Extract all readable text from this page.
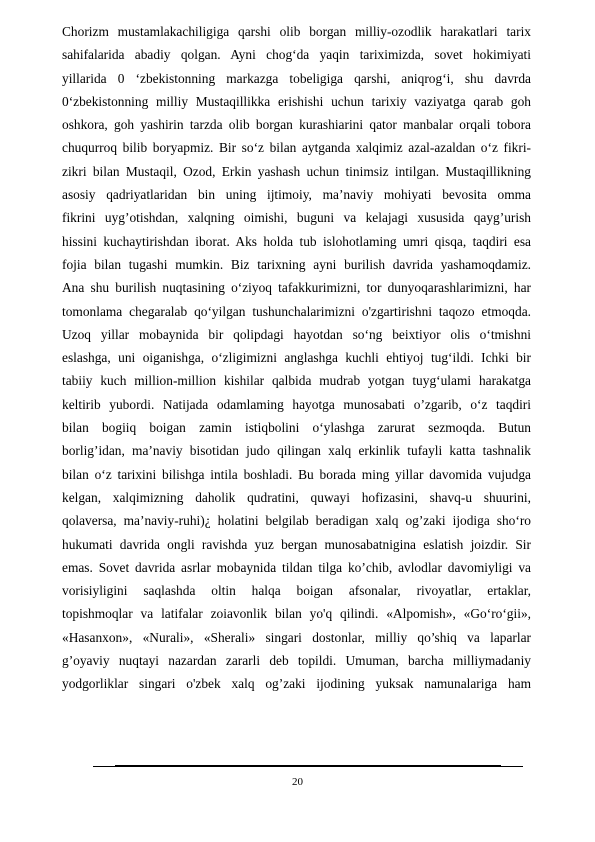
Chorizm mustamlakachiligiga qarshi olib borgan milliy-ozodlik harakatlari tarix
sahifalarida abadiy qolgan. Ayni chog‘da yaqin tariximizda, sovet hokimiyati
yillarida 0 ‘zbekistonning markazga tobeligiga qarshi, aniqrog‘i, shu davrda
0‘zbekistonning milliy Mustaqillikka erishishi uchun tarixiy vaziyatga qarab goh
oshkora, goh yashirin tarzda olib borgan kurashiarini qator manbalar orqali tobora
chuqurroq bilib boryapmiz. Bir so‘z bilan aytganda xalqimiz azal-azaldan o‘z fikri-
zikri bilan Mustaqil, Ozod, Erkin yashash uchun tinimsiz intilgan. Mustaqillikning
asosiy qadriyatlaridan bin uning ijtimoiy, ma’naviy mohiyati bevosita omma
fikrini uyg’otishdan, xalqning oimishi, buguni va kelajagi xususida qayg’urish
hissini kuchaytirishdan iborat. Aks holda tub islohotlaming umri qisqa, taqdiri esa
fojia bilan tugashi mumkin. Biz tarixning ayni burilish davrida yashamoqdamiz.
Ana shu burilish nuqtasining o‘ziyoq tafakkurimizni, tor dunyoqarashlarimizni, har
tomonlama chegaralab qo‘yilgan tushunchalarimizni o'zgartirishni taqozo etmoqda.
Uzoq yillar mobaynida bir qolipdagi hayotdan so‘ng beixtiyor olis o‘tmishni
eslashga, uni oiganishga, o‘zligimizni anglashga kuchli ehtiyoj tug‘ildi. Ichki bir
tabiiy kuch million-million kishilar qalbida mudrab yotgan tuyg‘ulami harakatga
keltirib yubordi. Natijada odamlaming hayotga munosabati o’zgarib, o‘z taqdiri
bilan bogiiq boigan zamin istiqbolini o‘ylashga zarurat sezmoqda. Butun
borlig’idan, ma’naviy bisotidan judo qilingan xalq erkinlik tufayli katta tashnalik
bilan o‘z tarixini bilishga intila boshladi. Bu borada ming yillar davomida vujudga
kelgan, xalqimizning daholik qudratini, quwayi hofizasini, shavq-u shuurini,
qolaversa, ma’naviy-ruhi)¿ holatini belgilab beradigan xalq og’zaki ijodiga sho‘ro
hukumati davrida ongli ravishda yuz bergan munosabatnigina eslatish joizdir. Sir
emas. Sovet davrida asrlar mobaynida tildan tilga ko’chib, avlodlar davomiyligi va
vorisiyligini saqlashda oltin halqa boigan afsonalar, rivoyatlar, ertaklar,
topishmoqlar va latifalar zoiavonlik bilan yo'q qilindi. «Alpomish», «Go‘ro‘gii»,
«Hasanxon», «Nurali», «Sherali» singari dostonlar, milliy qo’shiq va laparlar
g’oyaviy nuqtayi nazardan zararli deb topildi. Umuman, barcha milliymadaniy
yodgorliklar singari o'zbek xalq og’zaki ijodining yuksak namunalariga ham
20
